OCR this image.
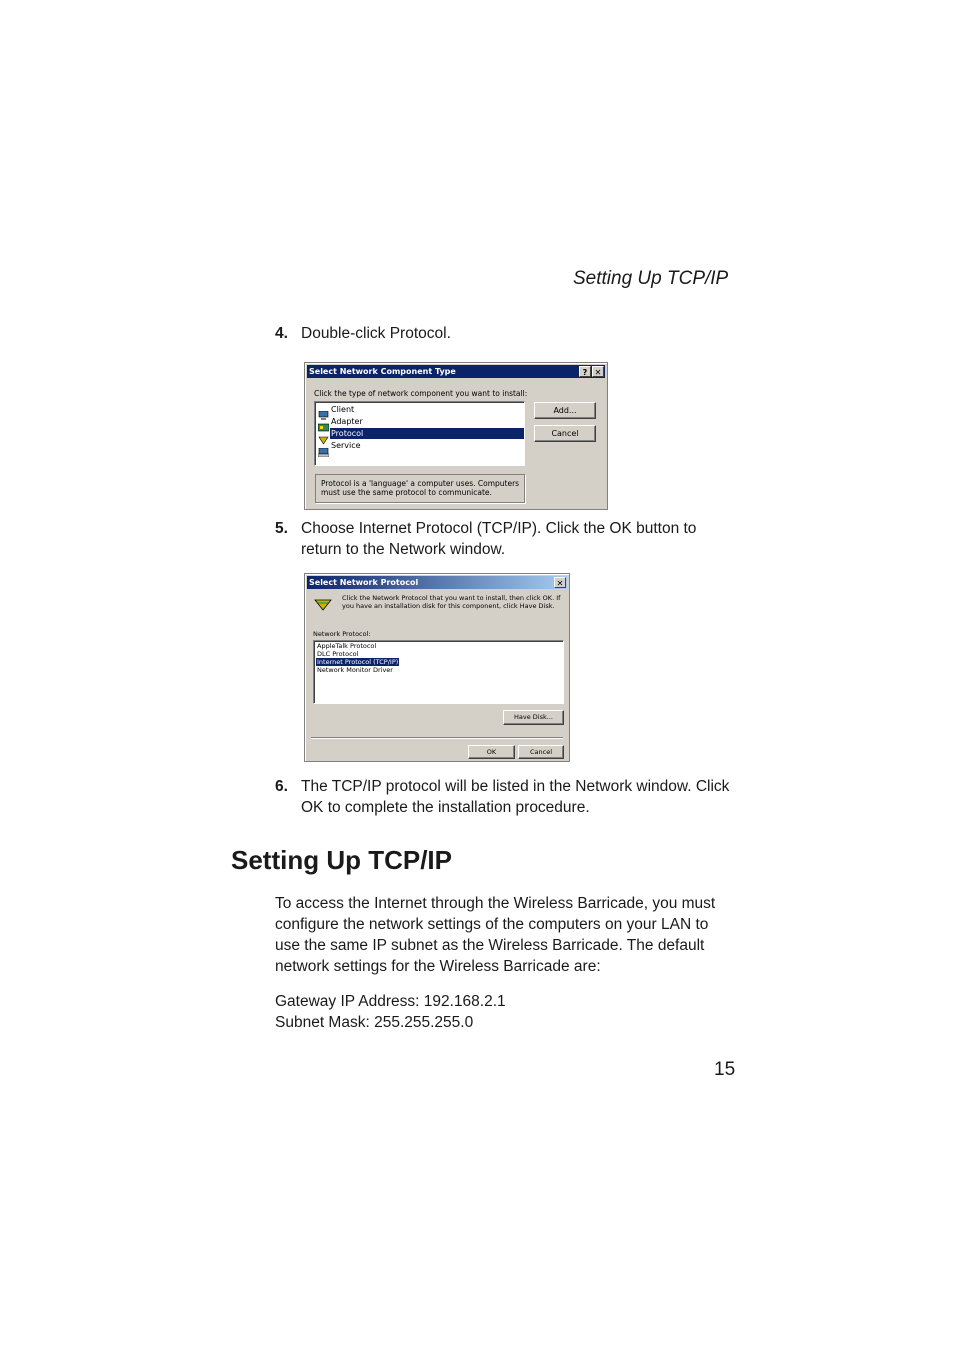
Setting Up TCP/IP
4. Double-click Protocol.
Select Network Component Type	? ✕
Click the type of network component you want to install:
Client
Adapter
Protocol
Service
Add...
Cancel
Protocol is a 'language' a computer uses. Computers must use the same protocol to communicate.
5. Choose Internet Protocol (TCP/IP). Click the OK button to return to the Network window.
Select Network Protocol	✕
Click the Network Protocol that you want to install, then click OK. If you have an installation disk for this component, click Have Disk.
Network Protocol:
AppleTalk Protocol
DLC Protocol
Internet Protocol (TCP/IP)
Network Monitor Driver
Have Disk...
OK	Cancel
6. The TCP/IP protocol will be listed in the Network window. Click OK to complete the installation procedure.
Setting Up TCP/IP
To access the Internet through the Wireless Barricade, you must configure the network settings of the computers on your LAN to use the same IP subnet as the Wireless Barricade. The default network settings for the Wireless Barricade are:
Gateway IP Address: 192.168.2.1
Subnet Mask: 255.255.255.0
15
